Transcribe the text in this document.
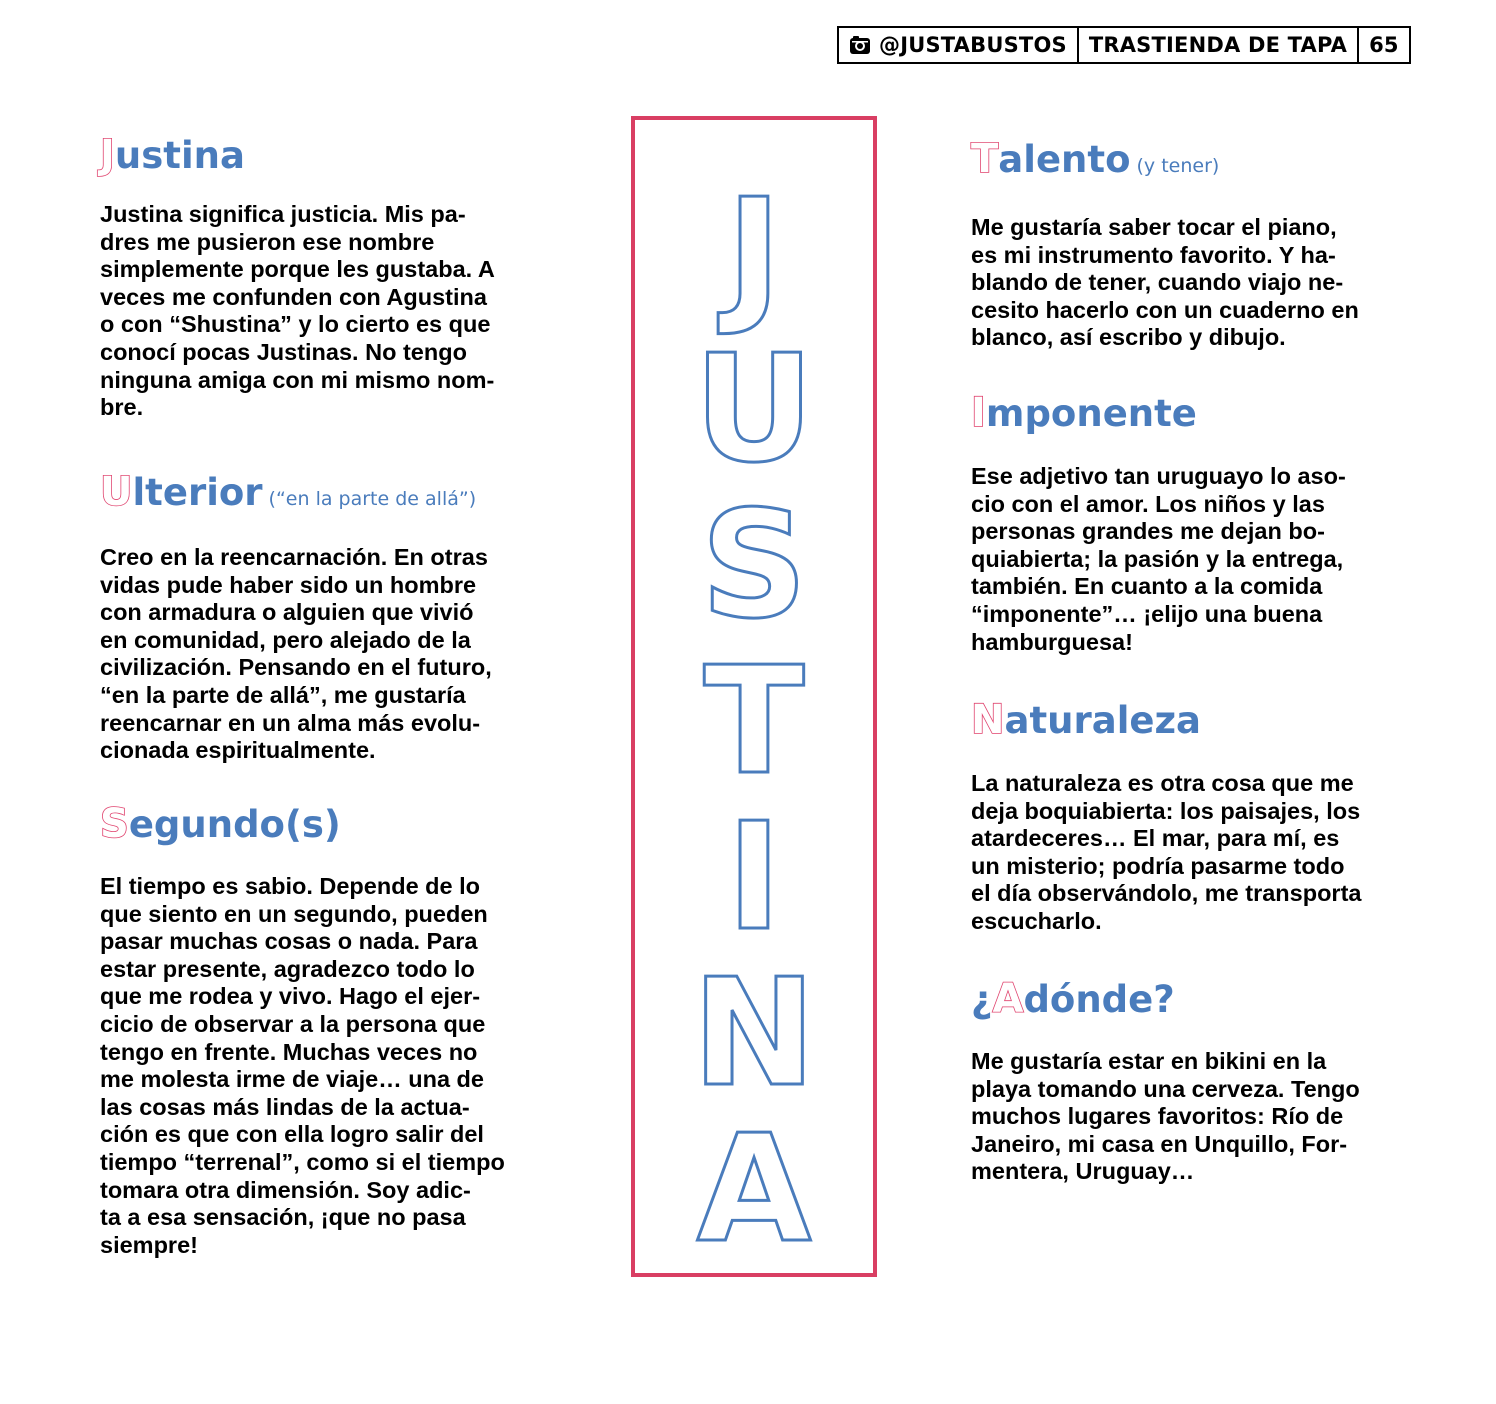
@JUSTABUSTOS	TRASTIENDA DE TAPA	65
Justina

Justina significa justicia. Mis pa-
dres me pusieron ese nombre
simplemente porque les gustaba. A
veces me confunden con Agustina
o con “Shustina” y lo cierto es que
conocí pocas Justinas. No tengo
ninguna amiga con mi mismo nom-
bre.

Ulterior (“en la parte de allá”)

Creo en la reencarnación. En otras
vidas pude haber sido un hombre
con armadura o alguien que vivió
en comunidad, pero alejado de la
civilización. Pensando en el futuro,
“en la parte de allá”, me gustaría
reencarnar en un alma más evolu-
cionada espiritualmente.

Segundo(s)

El tiempo es sabio. Depende de lo
que siento en un segundo, pueden
pasar muchas cosas o nada. Para
estar presente, agradezco todo lo
que me rodea y vivo. Hago el ejer-
cicio de observar a la persona que
tengo en frente. Muchas veces no
me molesta irme de viaje… una de
las cosas más lindas de la actua-
ción es que con ella logro salir del
tiempo “terrenal”, como si el tiempo
tomara otra dimensión. Soy adic-
ta a esa sensación, ¡que no pasa
siempre!

J
U
S
T
I
N
A
Talento (y tener)

Me gustaría saber tocar el piano,
es mi instrumento favorito. Y ha-
blando de tener, cuando viajo ne-
cesito hacerlo con un cuaderno en
blanco, así escribo y dibujo.

Imponente

Ese adjetivo tan uruguayo lo aso-
cio con el amor. Los niños y las
personas grandes me dejan bo-
quiabierta; la pasión y la entrega,
también. En cuanto a la comida
“imponente”… ¡elijo una buena
hamburguesa!

Naturaleza

La naturaleza es otra cosa que me
deja boquiabierta: los paisajes, los
atardeceres… El mar, para mí, es
un misterio; podría pasarme todo
el día observándolo, me transporta
escucharlo.

¿Adónde?

Me gustaría estar en bikini en la
playa tomando una cerveza. Tengo
muchos lugares favoritos: Río de
Janeiro, mi casa en Unquillo, For-
mentera, Uruguay…
